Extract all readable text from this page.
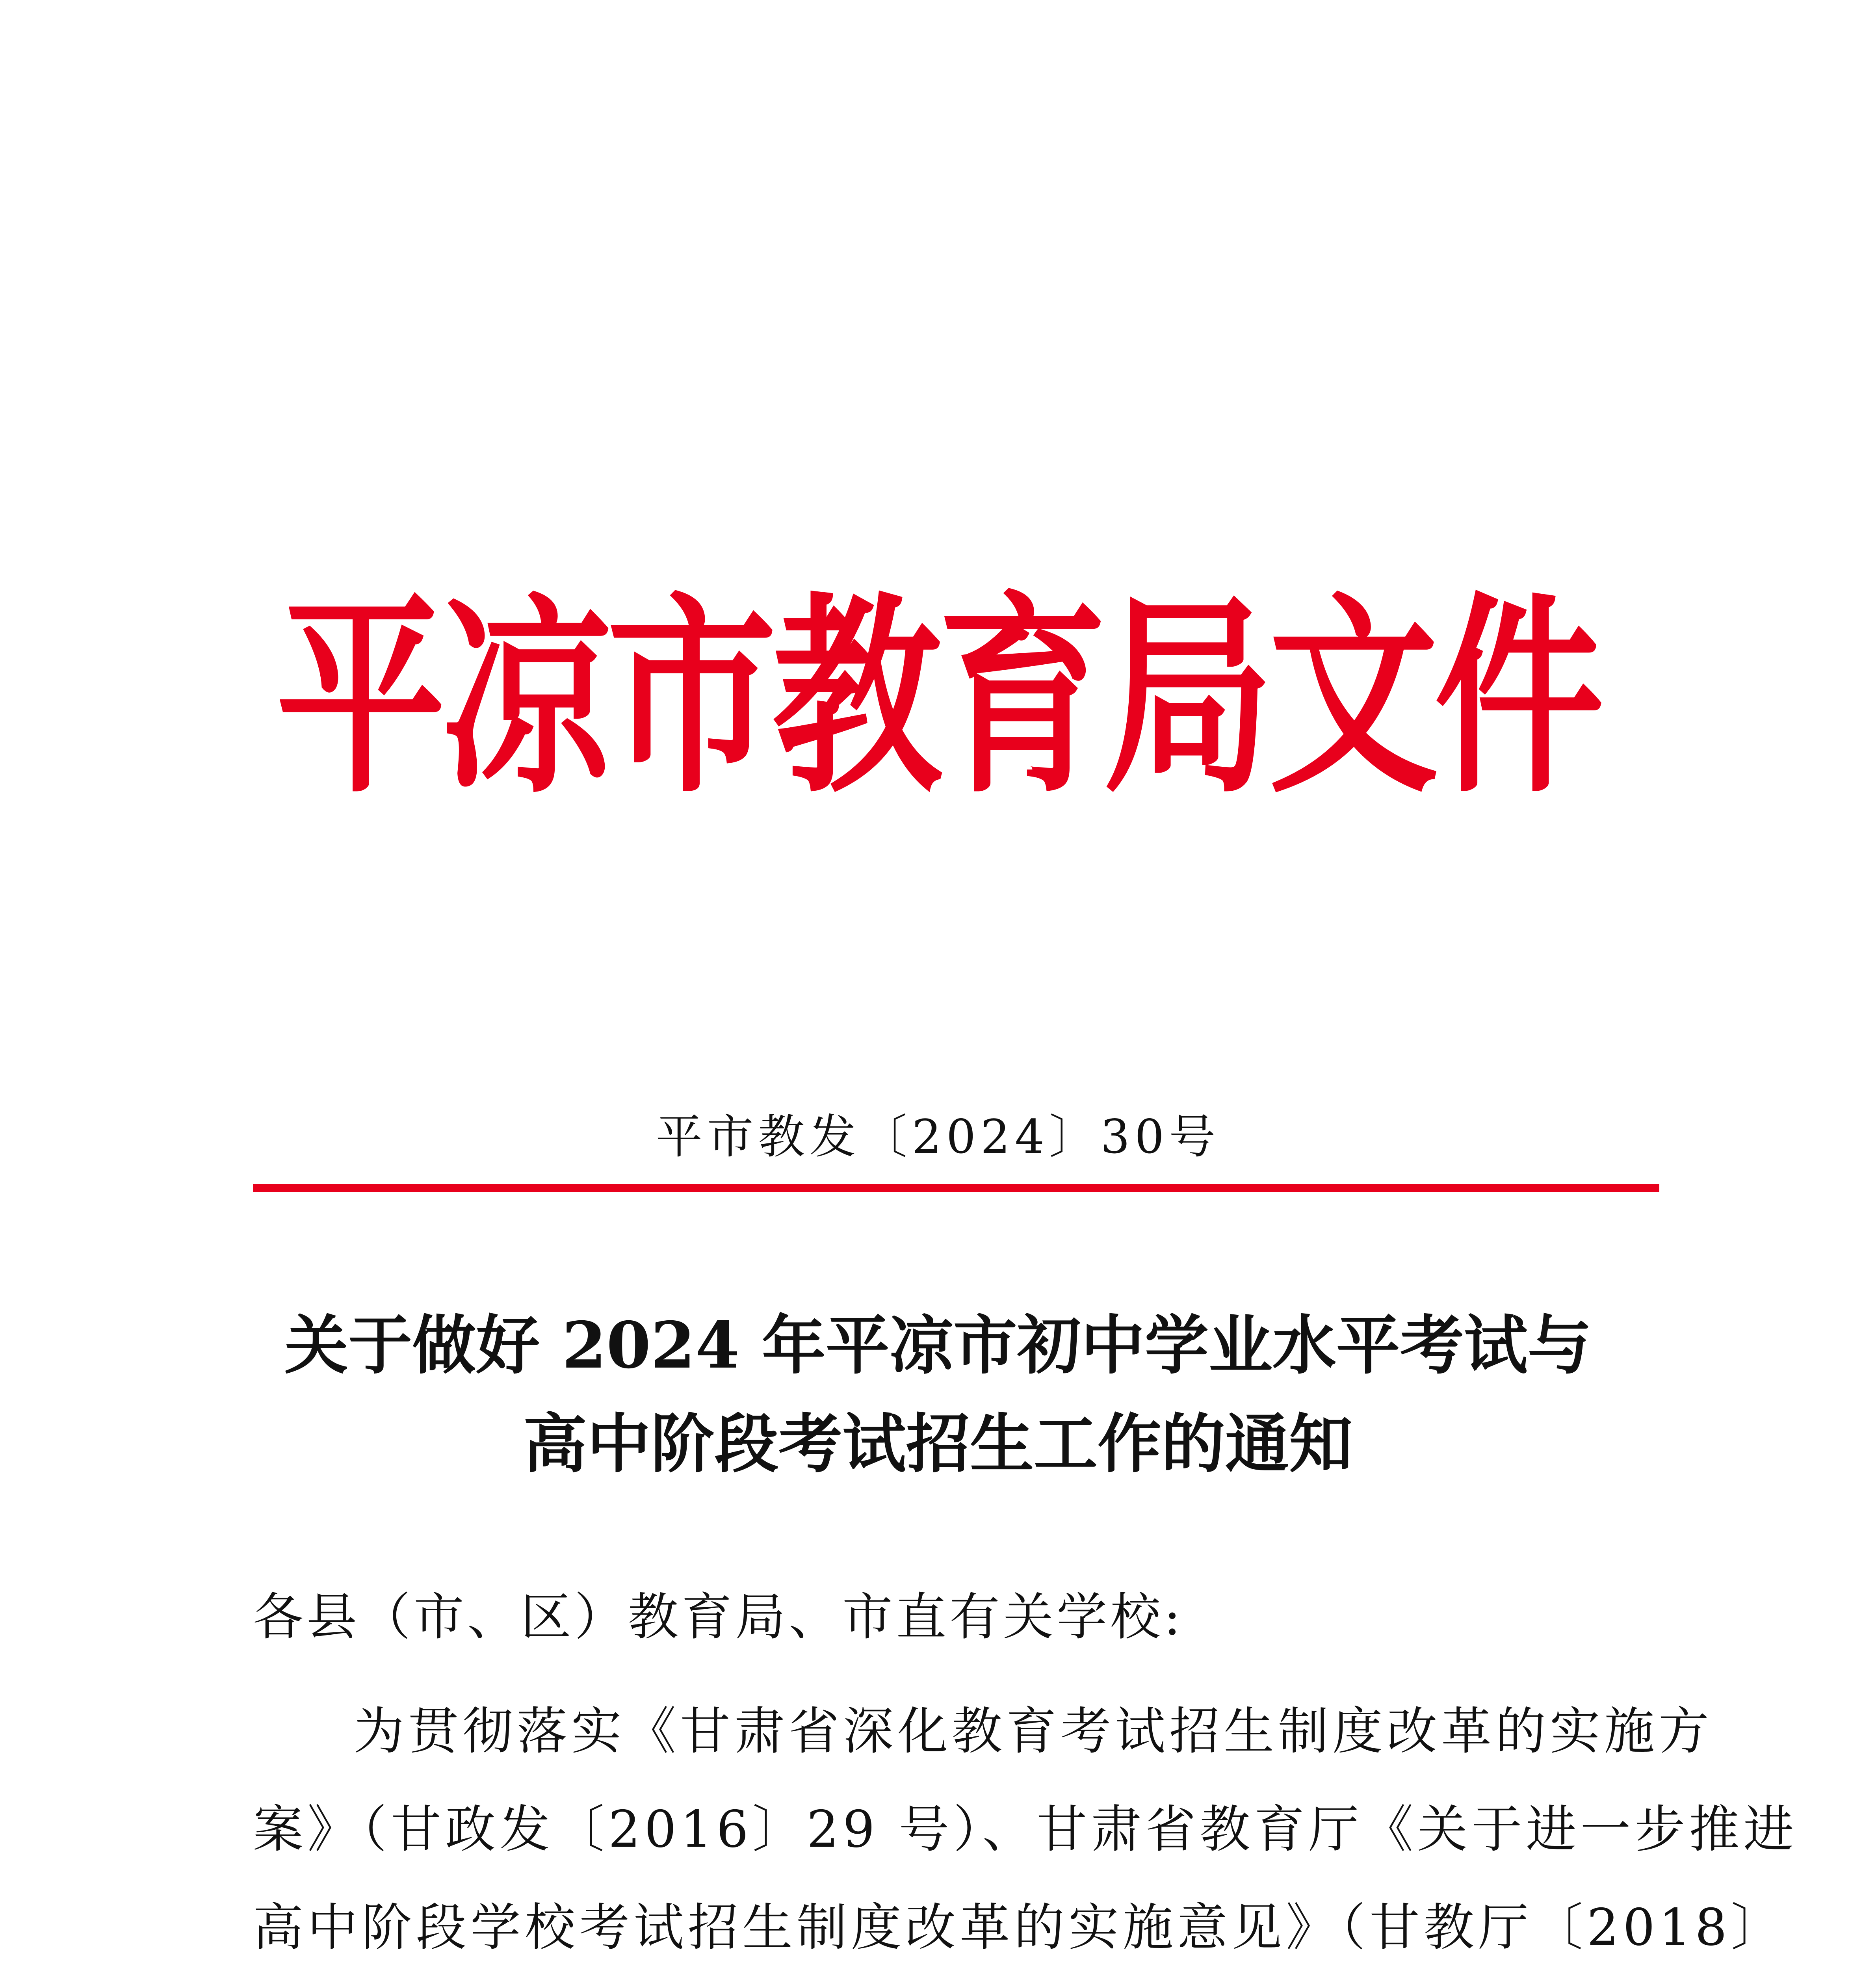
平凉市教育局文件
平市教发〔2024〕30号
关于做好 2024 年平凉市初中学业水平考试与
高中阶段考试招生工作的通知
各县（市、区）教育局、市直有关学校:
为贯彻落实《甘肃省深化教育考试招生制度改革的实施方
案》（甘政发〔2016〕29 号）、甘肃省教育厅《关于进一步推进
高中阶段学校考试招生制度改革的实施意见》（甘教厅〔2018〕
